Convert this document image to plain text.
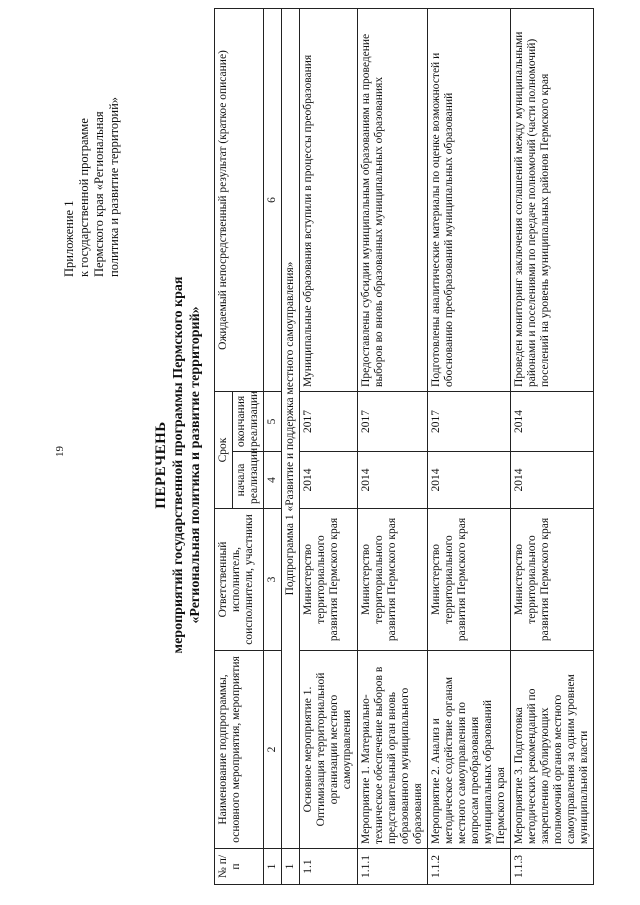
19
Приложение 1 к государственной программе Пермского края «Региональная политика и развитие территорий»
ПЕРЕЧЕНЬ мероприятий государственной программы Пермского края «Региональная политика и развитие территорий»
№ п/п	Наименование подпрограммы, основного мероприятия, мероприятия	Ответственный исполнитель, соисполнители, участники	Срок		Ожидаемый непосредственный результат (краткое описание)
			начала реализации	окончания реализации	
1	2	3	4	5	6
1	Подпрограмма 1 «Развитие и поддержка местного самоуправления»				
1.1	Основное мероприятие 1. Оптимизация территориальной организации местного самоуправления	Министерство территориального развития Пермского края	2014	2017	Муниципальные образования вступили в процессы преобразования
1.1.1	Мероприятие 1. Материально-техническое обеспечение выборов в представительный орган вновь образованного муниципального образования	Министерство территориального развития Пермского края	2014	2017	Предоставлены субсидии муниципальным образованиям на проведение выборов во вновь образованных муниципальных образованиях
1.1.2	Мероприятие 2. Анализ и методическое содействие органам местного самоуправления по вопросам преобразования муниципальных образований Пермского края	Министерство территориального развития Пермского края	2014	2017	Подготовлены аналитические материалы по оценке возможностей и обоснованию преобразований муниципальных образований
1.1.3	Мероприятие 3. Подготовка методических рекомендаций по закреплению дублирующих полномочий органов местного самоуправления за одним уровнем муниципальной власти	Министерство территориального развития Пермского края	2014	2014	Проведен мониторинг заключения соглашений между муниципальными районами и поселениями по передаче полномочий (части полномочий) поселений на уровень муниципальных районов Пермского края
